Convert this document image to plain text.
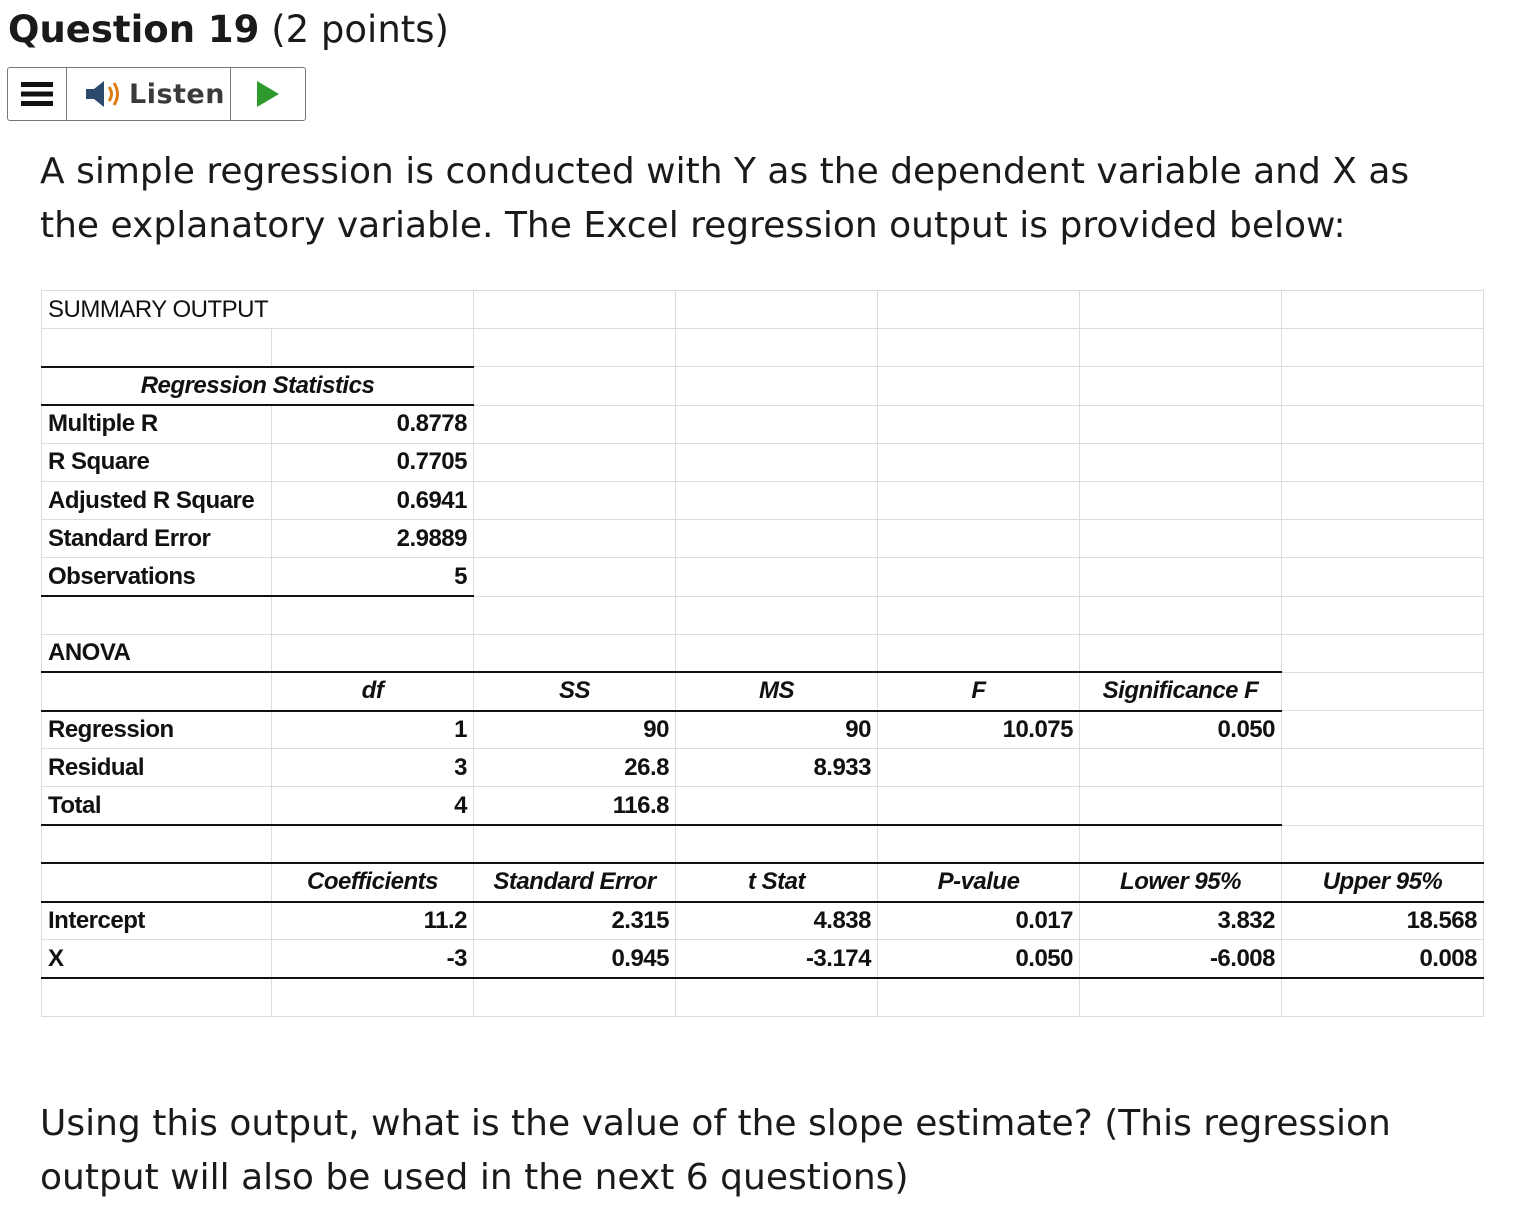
Question 19 (2 points)
Listen
A simple regression is conducted with Y as the dependent variable and X as the explanatory variable. The Excel regression output is provided below:
SUMMARY OUTPUT						

Regression Statistics						
Multiple R	0.8778					
R Square	0.7705					
Adjusted R Square	0.6941					
Standard Error	2.9889					
Observations	5					

ANOVA						
	df	SS	MS	F	Significance F	
Regression	1	90	90	10.075	0.050	
Residual	3	26.8	8.933			
Total	4	116.8				

	Coefficients	Standard Error	t Stat	P-value	Lower 95%	Upper 95%
Intercept	11.2	2.315	4.838	0.017	3.832	18.568
X	-3	0.945	-3.174	0.050	-6.008	0.008

Using this output, what is the value of the slope estimate? (This regression output will also be used in the next 6 questions)
